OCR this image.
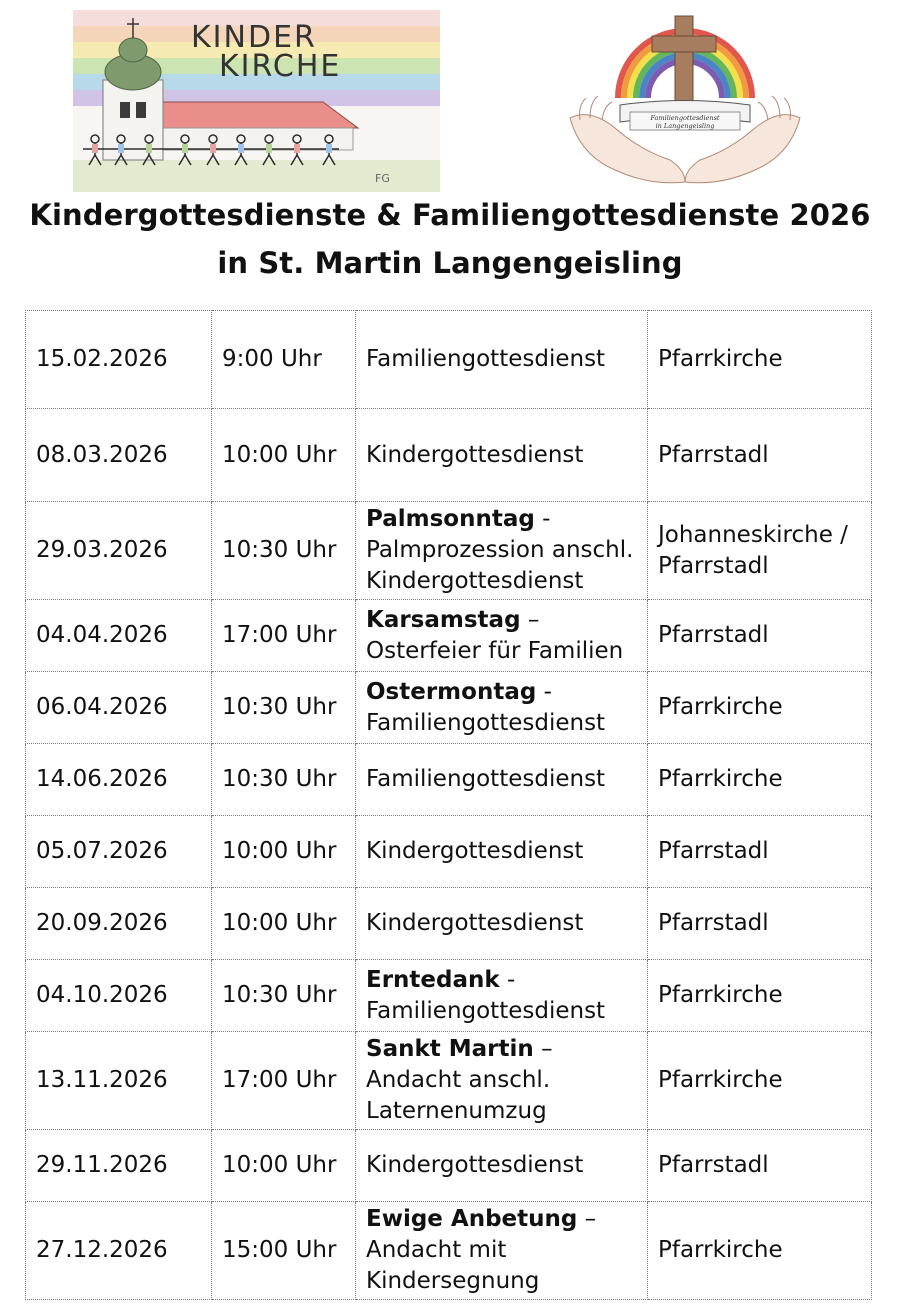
KINDER
KIRCHE
FG
Familiengottesdienst
in Langengeisling
Kindergottesdienste & Familiengottesdienste 2026
in St. Martin Langengeisling
15.02.2026	9:00 Uhr	Familiengottesdienst	Pfarrkirche
08.03.2026	10:00 Uhr	Kindergottesdienst	Pfarrstadl
29.03.2026	10:30 Uhr	Palmsonntag -
Palmprozession anschl. Kindergottesdienst	Johanneskirche / Pfarrstadl
04.04.2026	17:00 Uhr	Karsamstag –
Osterfeier für Familien	Pfarrstadl
06.04.2026	10:30 Uhr	Ostermontag -
Familiengottesdienst	Pfarrkirche
14.06.2026	10:30 Uhr	Familiengottesdienst	Pfarrkirche
05.07.2026	10:00 Uhr	Kindergottesdienst	Pfarrstadl
20.09.2026	10:00 Uhr	Kindergottesdienst	Pfarrstadl
04.10.2026	10:30 Uhr	Erntedank -
Familiengottesdienst	Pfarrkirche
13.11.2026	17:00 Uhr	Sankt Martin –
Andacht anschl. Laternenumzug	Pfarrkirche
29.11.2026	10:00 Uhr	Kindergottesdienst	Pfarrstadl
27.12.2026	15:00 Uhr	Ewige Anbetung –
Andacht mit Kindersegnung	Pfarrkirche
